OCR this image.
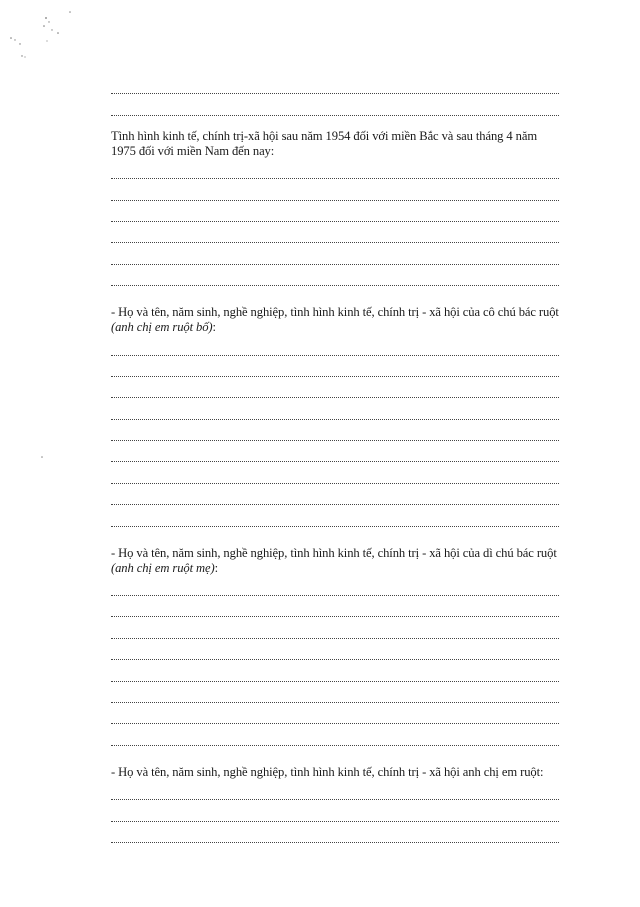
Tình hình kinh tế, chính trị-xã hội sau năm 1954 đối với miền Bắc và sau tháng 4 năm 1975 đối với miền Nam đến nay:
- Họ và tên, năm sinh, nghề nghiệp, tình hình kinh tế, chính trị - xã hội của cô chú bác ruột (anh chị em ruột bố):
- Họ và tên, năm sinh, nghề nghiệp, tình hình kinh tế, chính trị - xã hội của dì chú bác ruột (anh chị em ruột mẹ):
- Họ và tên, năm sinh, nghề nghiệp, tình hình kinh tế, chính trị - xã hội anh chị em ruột:
